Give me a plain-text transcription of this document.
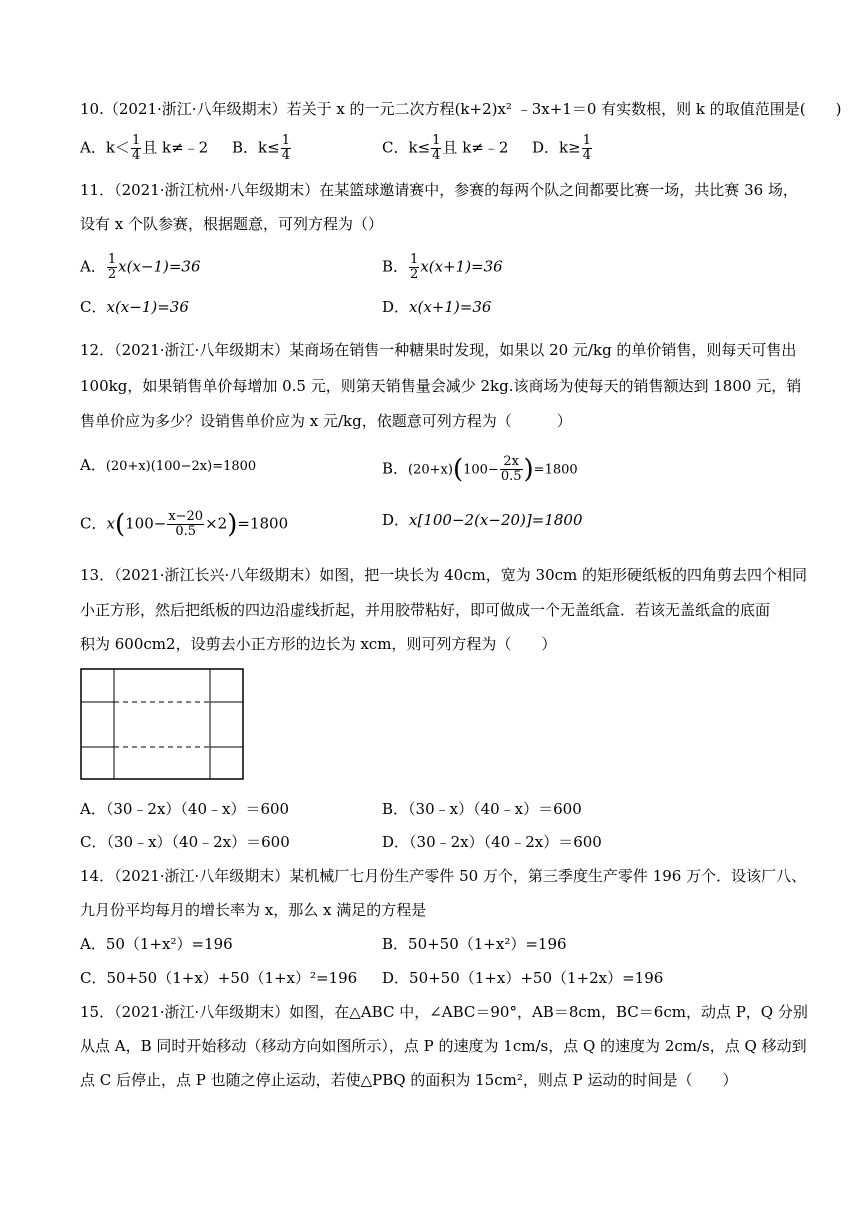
10.（2021·浙江·八年级期末）若关于 x 的一元二次方程(k+2)x² ﹣3x+1＝0 有实数根，则 k 的取值范围是(　　)
A．$k< \frac{1}{4}$ 且 k≠﹣2 B．$k\le \frac{1}{4}$	C．$k\le \frac{1}{4}$ 且 k≠﹣2 D．$k\ge \frac{1}{4}$
11．（2021·浙江杭州·八年级期末）在某篮球邀请赛中，参赛的每两个队之间都要比赛一场，共比赛 36 场，
设有 x 个队参赛，根据题意，可列方程为（）
A． $\frac{1}{2} x(x-1)=36$	B． $\frac{1}{2} x(x+1)=36$
C．x(x−1)=36	D．x(x+1)=36
12．（2021·浙江·八年级期末）某商场在销售一种糖果时发现，如果以 20 元/kg 的单价销售，则每天可售出
100kg，如果销售单价每增加 0.5 元，则第天销售量会减少 2kg.该商场为使每天的销售额达到 1800 元，销
售单价应为多少？设销售单价应为 x 元/kg，依题意可列方程为（　　　）
A．(20+x)(100−2x)=1800	B．$(20+x)(100- \frac{2x}{0.5} )=1800$
C．$x(100- \frac{x-20}{0.5} \times 2)=1800$	D．x[100−2(x−20)]=1800
13．（2021·浙江长兴·八年级期末）如图，把一块长为 40cm，宽为 30cm 的矩形硬纸板的四角剪去四个相同
小正方形，然后把纸板的四边沿虚线折起，并用胶带粘好，即可做成一个无盖纸盒．若该无盖纸盒的底面
积为 600cm2，设剪去小正方形的边长为 xcm，则可列方程为（　　）
A．（30﹣2x）（40﹣x）＝600	B．（30﹣x）（40﹣x）＝600
C．（30﹣x）（40﹣2x）＝600	D．（30﹣2x）（40﹣2x）＝600
14．（2021·浙江·八年级期末）某机械厂七月份生产零件 50 万个，第三季度生产零件 196 万个．设该厂八、
九月份平均每月的增长率为 x，那么 x 满足的方程是
A．50（1+x²）=196	B．50+50（1+x²）=196
C．50+50（1+x）+50（1+x）²=196 D．50+50（1+x）+50（1+2x）=196
15．（2021·浙江·八年级期末）如图，在△ABC 中，∠ABC＝90°，AB＝8cm，BC＝6cm，动点 P，Q 分别
从点 A，B 同时开始移动（移动方向如图所示），点 P 的速度为 1cm/s，点 Q 的速度为 2cm/s，点 Q 移动到
点 C 后停止，点 P 也随之停止运动，若使△PBQ 的面积为 15cm²，则点 P 运动的时间是（　　）
